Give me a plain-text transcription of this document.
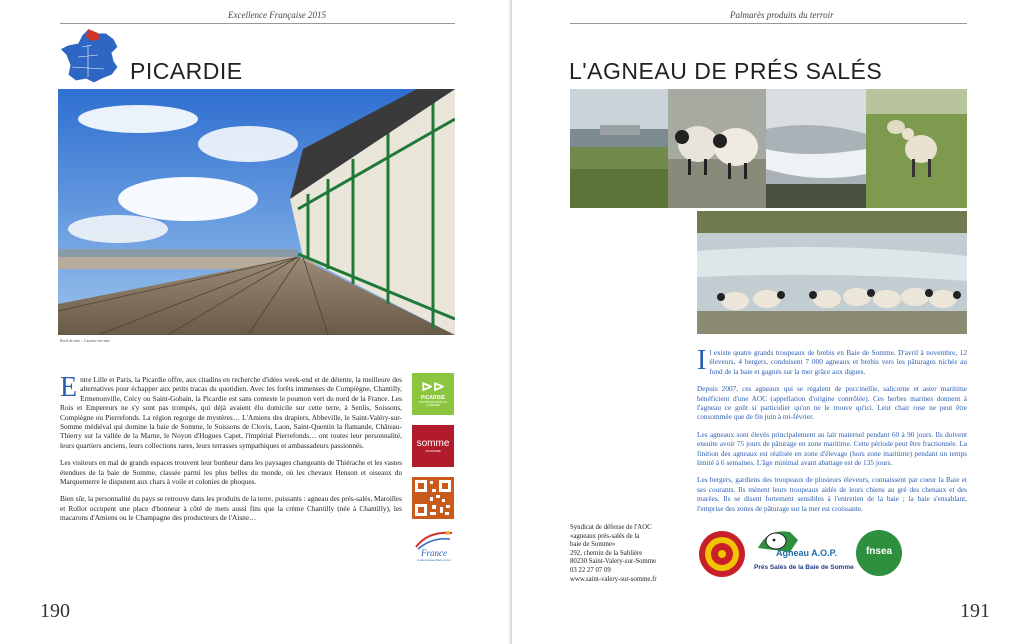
Excellence Française 2015
PICARDIE
Bord de mer – Cayeux-sur-mer

Entre Lille et Paris, la Picardie offre, aux citadins en recherche d'idées week-end et de détente, la meilleure des alternatives pour échapper aux petits tracas du quotidien. Avec les forêts immenses de Compiègne, Chantilly, Ermenonville, Crécy ou Saint-Gobain, la Picardie est sans conteste le poumon vert du nord de la France. Les Rois et Empereurs ne s'y sont pas trompés, qui déjà avaient élu domicile sur cette terre, à Senlis, Soissons, Compiègne ou Pierrefonds. La région regorge de mystères… L'Amiens des drapiers, Abbeville, le Saint-Valéry-sur-Somme médiéval qui domine la baie de Somme, le Soissons de Clovis, Laon, Saint-Quentin la flamande, Château-Thierry sur la vallée de la Marne, le Noyon d'Hugues Capet, l'impérial Pierrefonds… ont toutes leur personnalité, leurs quartiers anciens, leurs collections rares, leurs terrasses sympathiques et ambassadeurs passionnés.

Les visiteurs en mal de grands espaces trouvent leur bonheur dans les paysages changeants de Thiérache et les vastes étendues de la baie de Somme, classée parmi les plus belles du monde, où les chevaux Henson et oiseaux du Marquenterre le disputent aux chars à voile et colonies de phoques.

Bien sûr, la personnalité du pays se retrouve dans les produits de la terre, puissants : agneau des prés-salés, Maroilles et Rollot occupent une place d'honneur à côté de mets aussi fins que la crème Chantilly (née à Chantilly), les macarons d'Amiens ou le Champagne des producteurs de l'Aisne…

⊳⊳
PICARDIE
CÔMITÉ RÉGIONAL DU TOURISME
somme
TOURISME
France
rendezvousenfrance.com
190
Palmarès produits du terroir
L'AGNEAU DE PRÉS SALÉS

Il existe quatre grands troupeaux de brebis en Baie de Somme. D'avril à novembre, 12 éleveurs, 4 bergers, conduisent 7 000 agneaux et brebis vers les pâturages nichés au fond de la baie et gagnés sur la mer grâce aux digues.

Depuis 2007, ces agneaux qui se régalent de puccinellie, salicorne et aster maritime bénéficient d'une AOC (appellation d'origine contrôlée). Ces herbes marines donnent à l'agneau ce goût si particulier qu'on ne le trouve qu'ici. Leur chair rose ne peut être consommée que de fin juin à mi-février.

Les agneaux sont élevés principalement au lait maternel pendant 60 à 90 jours. Ils doivent ensuite avoir 75 jours de pâturage en zone maritime. Cette période peut être fractionnée. La finition des agneaux est réalisée en zone d'élevage (hors zone maritime) pendant un temps limité à 6 semaines. L'âge minimal avant abattage est de 135 jours.

Les bergers, gardiens des troupeaux de plusieurs éleveurs, connaissent par coeur la Baie et ses courants. Ils mènent leurs troupeaux aidés de leurs chiens au gré des chenaux et des marées. Ils se disent fortement sensibles à l'entretien de la baie ; la baie s'ensablant, l'emprise des zones de pâturage sur la mer est croissante.

Syndicat de défense de l'AOC
«agneaux prés-salés de la
baie de Somme»
292, chemin de la Sablière
80230 Saint-Valery-sur-Somme
03 22 27 07 09
www.saint-valery-sur-somme.fr
Agneau A.O.P.
Prés Salés de la Baie de Somme
fnsea
191
